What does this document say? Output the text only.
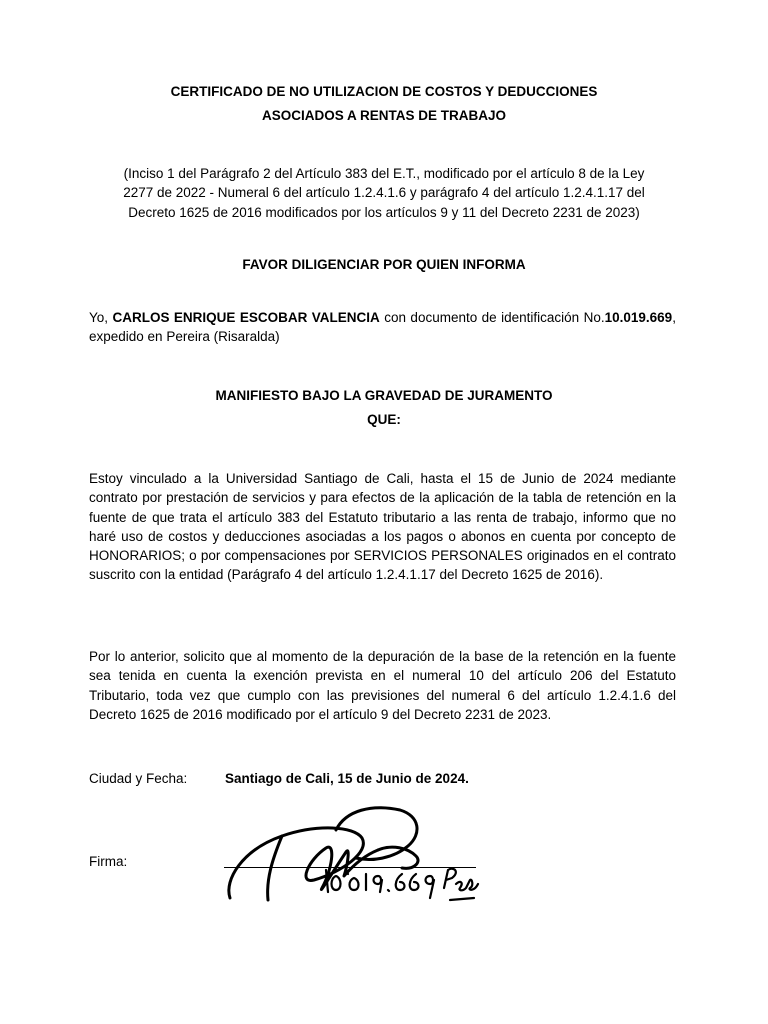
CERTIFICADO DE NO UTILIZACION DE COSTOS Y DEDUCCIONES
ASOCIADOS A RENTAS DE TRABAJO
(Inciso 1 del Parágrafo 2 del Artículo 383 del E.T., modificado por el artículo 8 de la Ley
2277 de 2022 - Numeral 6 del artículo 1.2.4.1.6 y parágrafo 4 del artículo 1.2.4.1.17 del
Decreto 1625 de 2016 modificados por los artículos 9 y 11 del Decreto 2231 de 2023)
FAVOR DILIGENCIAR POR QUIEN INFORMA
Yo, CARLOS ENRIQUE ESCOBAR VALENCIA con documento de identificación No.10.019.669, expedido en Pereira (Risaralda)
MANIFIESTO BAJO LA GRAVEDAD DE JURAMENTO
QUE:
Estoy vinculado a la Universidad Santiago de Cali, hasta el 15 de Junio de 2024 mediante contrato por prestación de servicios y para efectos de la aplicación de la tabla de retención en la fuente de que trata el artículo 383 del Estatuto tributario a las renta de trabajo, informo que no haré uso de costos y deducciones asociadas a los pagos o abonos en cuenta por concepto de HONORARIOS; o por compensaciones por SERVICIOS PERSONALES originados en el contrato suscrito con la entidad (Parágrafo 4 del artículo 1.2.4.1.17 del Decreto 1625 de 2016).
Por lo anterior, solicito que al momento de la depuración de la base de la retención en la fuente sea tenida en cuenta la exención prevista en el numeral 10 del artículo 206 del Estatuto Tributario, toda vez que cumplo con las previsiones del numeral 6 del artículo 1.2.4.1.6 del Decreto 1625 de 2016 modificado por el artículo 9 del Decreto 2231 de 2023.
Ciudad y Fecha:	Santiago de Cali, 15 de Junio de 2024.
Firma:
